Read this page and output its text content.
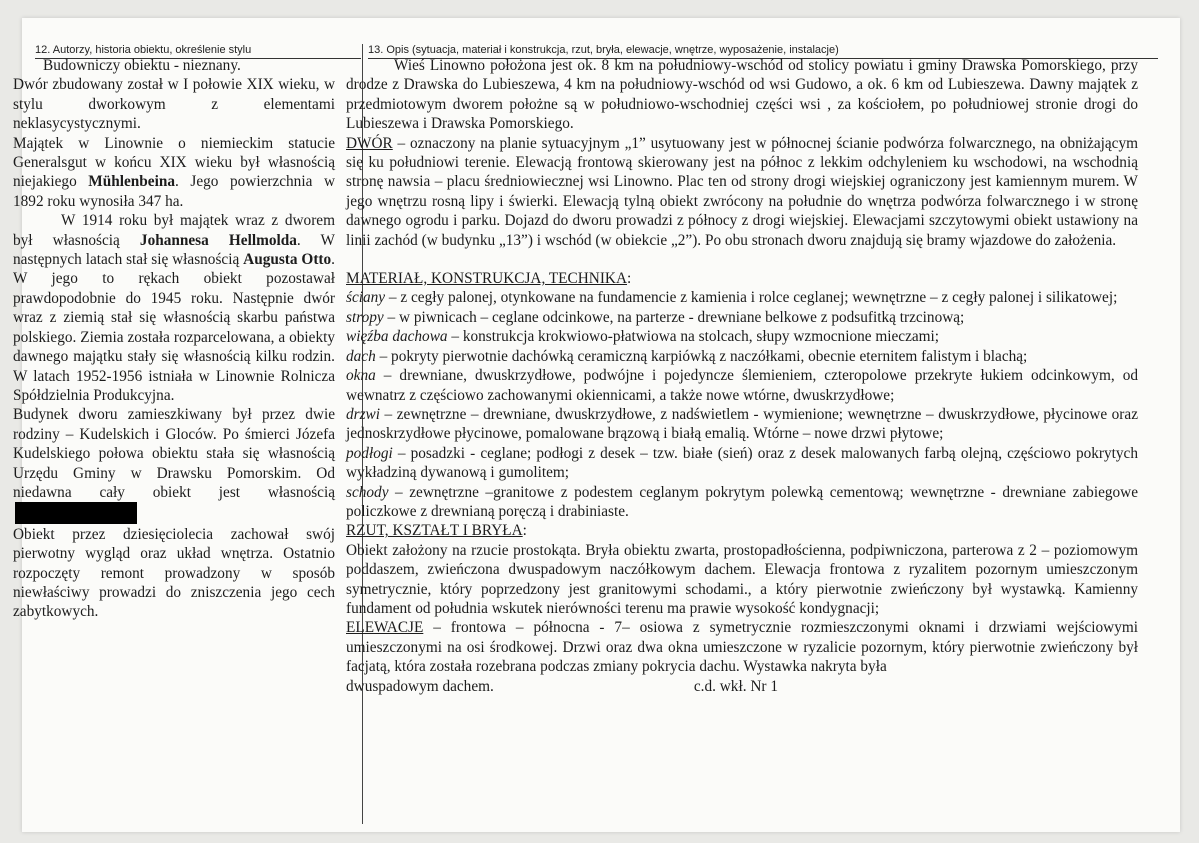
12. Autorzy, historia obiektu, określenie stylu	13. Opis (sytuacja, materiał i konstrukcja, rzut, bryła, elewacje, wnętrze, wyposażenie, instalacje)

Budowniczy obiektu - nieznany.

Dwór zbudowany został w I połowie XIX wieku, w stylu dworkowym z elementami neklasycystycznymi.

Majątek w Linownie o niemieckim statucie Generalsgut w końcu XIX wieku był własnością niejakiego Mühlenbeina. Jego powierzchnia w 1892 roku wynosiła 347 ha.

W 1914 roku był majątek wraz z dworem był własnością Johannesa Hellmolda. W następnych latach stał się własnością Augusta Otto. W jego to rękach obiekt pozostawał prawdopodobnie do 1945 roku. Następnie dwór wraz z ziemią stał się własnością skarbu państwa polskiego. Ziemia została rozparcelowana, a obiekty dawnego majątku stały się własnością kilku rodzin. W latach 1952-1956 istniała w Linownie Rolnicza Spółdzielnia Produkcyjna.

Budynek dworu zamieszkiwany był przez dwie rodziny – Kudelskich i Gloców. Po śmierci Józefa Kudelskiego połowa obiektu stała się własnością Urzędu Gminy w Drawsku Pomorskim. Od niedawna cały obiekt jest własnością

Obiekt przez dziesięciolecia zachował swój pierwotny wygląd oraz układ wnętrza. Ostatnio rozpoczęty remont prowadzony w sposób niewłaściwy prowadzi do zniszczenia jego cech zabytkowych.

Wieś Linowno położona jest ok. 8 km na południowy-wschód od stolicy powiatu i gminy Drawska Pomorskiego, przy drodze z Drawska do Lubieszewa, 4 km na południowy-wschód od wsi Gudowo, a ok. 6 km od Lubieszewa. Dawny majątek z przedmiotowym dworem położne są w południowo-wschodniej części wsi , za kościołem, po południowej stronie drogi do Lubieszewa i Drawska Pomorskiego.

DWÓR – oznaczony na planie sytuacyjnym „1” usytuowany jest w północnej ścianie podwórza folwarcznego, na obniżającym się ku południowi terenie. Elewacją frontową skierowany jest na północ z lekkim odchyleniem ku wschodowi, na wschodnią stronę nawsia – placu średniowiecznej wsi Linowno. Plac ten od strony drogi wiejskiej ograniczony jest kamiennym murem. W jego wnętrzu rosną lipy i świerki. Elewacją tylną obiekt zwrócony na południe do wnętrza podwórza folwarcznego i w stronę dawnego ogrodu i parku. Dojazd do dworu prowadzi z północy z drogi wiejskiej. Elewacjami szczytowymi obiekt ustawiony na linii zachód (w budynku „13”) i wschód (w obiekcie „2”). Po obu stronach dworu znajdują się bramy wjazdowe do założenia.

MATERIAŁ, KONSTRUKCJA, TECHNIKA:

ściany – z cegły palonej, otynkowane na fundamencie z kamienia i rolce ceglanej; wewnętrzne – z cegły palonej i silikatowej;

stropy – w piwnicach – ceglane odcinkowe, na parterze - drewniane belkowe z podsufitką trzcinową;

więźba dachowa – konstrukcja krokwiowo-płatwiowa na stolcach, słupy wzmocnione mieczami;

dach – pokryty pierwotnie dachówką ceramiczną karpiówką z naczółkami, obecnie eternitem falistym i blachą;

okna – drewniane, dwuskrzydłowe, podwójne i pojedyncze ślemieniem, czteropolowe przekryte łukiem odcinkowym, od wewnatrz z częściowo zachowanymi okiennicami, a także nowe wtórne, dwuskrzydłowe;

drzwi – zewnętrzne – drewniane, dwuskrzydłowe, z nadświetlem - wymienione; wewnętrzne – dwuskrzydłowe, płycinowe oraz jednoskrzydłowe płycinowe, pomalowane brązową i białą emalią. Wtórne – nowe drzwi płytowe;

podłogi – posadzki - ceglane; podłogi z desek – tzw. białe (sień) oraz z desek malowanych farbą olejną, częściowo pokrytych wykładziną dywanową i gumolitem;

schody – zewnętrzne –granitowe z podestem ceglanym pokrytym polewką cementową; wewnętrzne - drewniane zabiegowe policzkowe z drewnianą poręczą i drabiniaste.

RZUT, KSZTAŁT I BRYŁA:

Obiekt założony na rzucie prostokąta. Bryła obiektu zwarta, prostopadłościenna, podpiwniczona, parterowa z 2 – poziomowym poddaszem, zwieńczona dwuspadowym naczółkowym dachem. Elewacja frontowa z ryzalitem pozornym umieszczonym symetrycznie, który poprzedzony jest granitowymi schodami., a który pierwotnie zwieńczony był wystawką. Kamienny fundament od południa wskutek nierówności terenu ma prawie wysokość kondygnacji;

ELEWACJE – frontowa – północna - 7– osiowa z symetrycznie rozmieszczonymi oknami i drzwiami wejściowymi umieszczonymi na osi środkowej. Drzwi oraz dwa okna umieszczone w ryzalicie pozornym, który pierwotnie zwieńczony był facjatą, która została rozebrana podczas zmiany pokrycia dachu. Wystawka nakryta była

dwuspadowym dachem.	c.d. wkł. Nr 1
